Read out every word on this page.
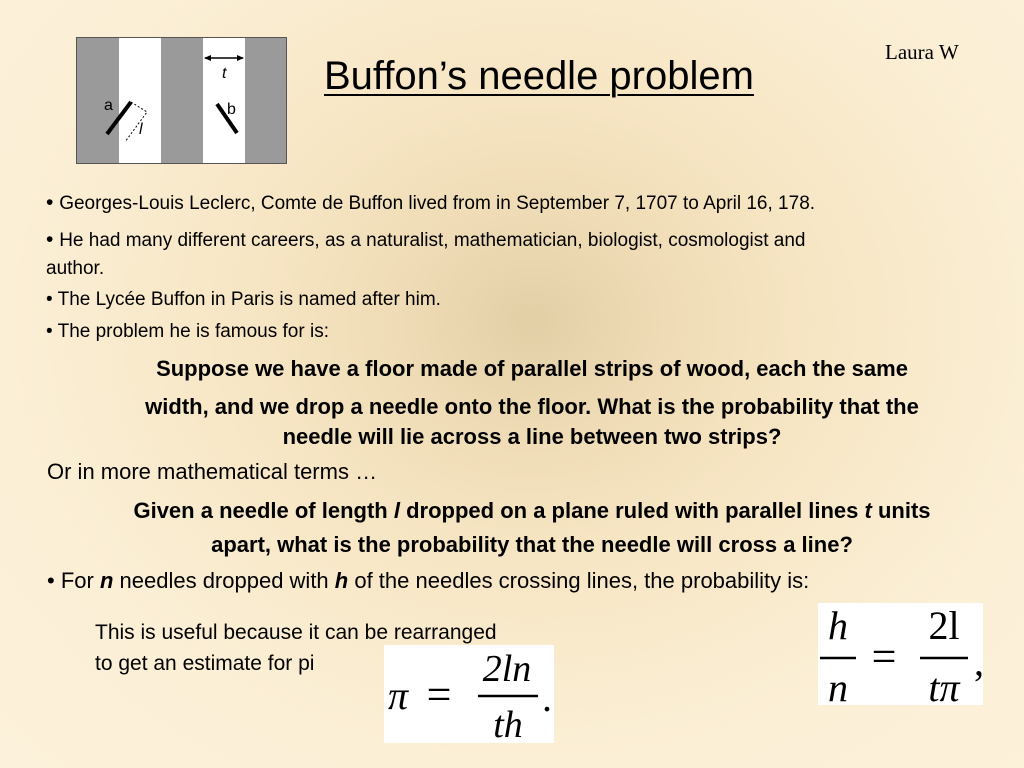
Laura W
Buffon’s needle problem
a	b
t
l
• Georges-Louis Leclerc, Comte de Buffon lived from in September 7, 1707 to April 16, 178.
• He had many different careers, as a naturalist, mathematician, biologist, cosmologist and
author.
• The Lycée Buffon in Paris is named after him.
• The problem he is famous for is:
Suppose we have a floor made of parallel strips of wood, each the same
width, and we drop a needle onto the floor. What is the probability that the
needle will lie across a line between two strips?
Or in more mathematical terms …
Given a needle of length l dropped on a plane ruled with parallel lines t units
apart, what is the probability that the needle will cross a line?
• For n needles dropped with h of the needles crossing lines, the probability is:
This is useful because it can be rearranged
to get an estimate for pi
h
n
=
2l
tπ
,
π =
2ln
th
.
